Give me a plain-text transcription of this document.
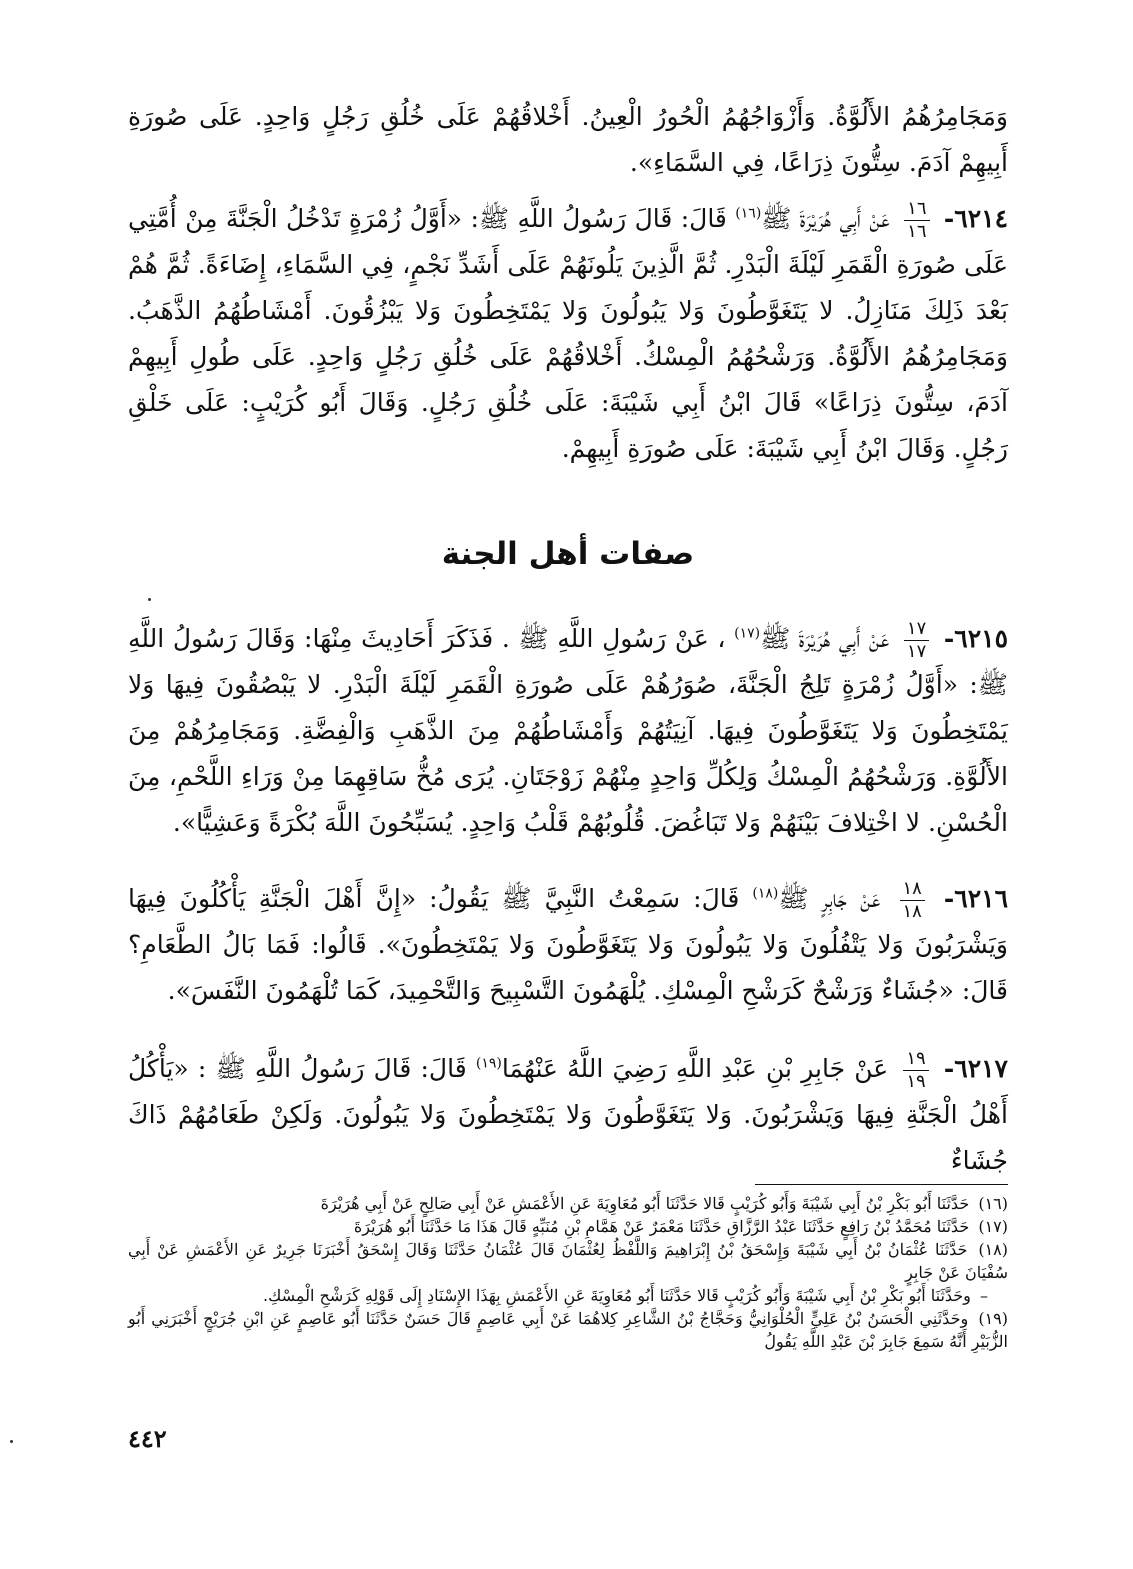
وَمَجَامِرُهُمُ الأَلُوَّةُ. وَأَزْوَاجُهُمُ الْحُورُ الْعِينُ. أَخْلاقُهُمْ عَلَى خُلُقِ رَجُلٍ وَاحِدٍ. عَلَى صُورَةِ أَبِيهِمْ آدَمَ. سِتُّونَ ذِرَاعًا، فِي السَّمَاءِ».

٦٢١٤-
$\frac{١٦}{١٦}$
عَنْ أَبِي هُرَيْرَةَ ﷺ$^{(١٦)}$ قَالَ: قَالَ رَسُولُ اللَّهِ ﷺ: «أَوَّلُ زُمْرَةٍ تَدْخُلُ الْجَنَّةَ مِنْ أُمَّتِي عَلَى صُورَةِ الْقَمَرِ لَيْلَةَ الْبَدْرِ. ثُمَّ الَّذِينَ يَلُونَهُمْ عَلَى أَشَدِّ نَجْمٍ، فِي السَّمَاءِ، إِضَاءَةً. ثُمَّ هُمْ بَعْدَ ذَلِكَ مَنَازِلُ. لا يَتَغَوَّطُونَ وَلا يَبُولُونَ وَلا يَمْتَخِطُونَ وَلا يَبْزُقُونَ. أَمْشَاطُهُمُ الذَّهَبُ. وَمَجَامِرُهُمُ الأَلُوَّةُ. وَرَشْحُهُمُ الْمِسْكُ. أَخْلاقُهُمْ عَلَى خُلُقِ رَجُلٍ وَاحِدٍ. عَلَى طُولِ أَبِيهِمْ آدَمَ، سِتُّونَ ذِرَاعًا» قَالَ ابْنُ أَبِي شَيْبَةَ: عَلَى خُلُقِ رَجُلٍ. وَقَالَ أَبُو كُرَيْبٍ: عَلَى خَلْقِ رَجُلٍ. وَقَالَ ابْنُ أَبِي شَيْبَةَ: عَلَى صُورَةِ أَبِيهِمْ.

صفات أهل الجنة

٦٢١٥-
$\frac{١٧}{١٧}$
عَنْ أَبِي هُرَيْرَةَ ﷺ$^{(١٧)}$ ، عَنْ رَسُولِ اللَّهِ ﷺ . فَذَكَرَ أَحَادِيثَ مِنْهَا: وَقَالَ رَسُولُ اللَّهِ ﷺ: «أَوَّلُ زُمْرَةٍ تَلِجُ الْجَنَّةَ، صُوَرُهُمْ عَلَى صُورَةِ الْقَمَرِ لَيْلَةَ الْبَدْرِ. لا يَبْصُقُونَ فِيهَا وَلا يَمْتَخِطُونَ وَلا يَتَغَوَّطُونَ فِيهَا. آنِيَتُهُمْ وَأَمْشَاطُهُمْ مِنَ الذَّهَبِ وَالْفِضَّةِ. وَمَجَامِرُهُمْ مِنَ الأَلُوَّةِ. وَرَشْحُهُمُ الْمِسْكُ وَلِكُلِّ وَاحِدٍ مِنْهُمْ زَوْجَتَانِ. يُرَى مُخُّ سَاقِهِمَا مِنْ وَرَاءِ اللَّحْمِ، مِنَ الْحُسْنِ. لا اخْتِلافَ بَيْنَهُمْ وَلا تَبَاغُضَ. قُلُوبُهُمْ قَلْبُ وَاحِدٍ. يُسَبِّحُونَ اللَّهَ بُكْرَةً وَعَشِيًّا».

٦٢١٦-
$\frac{١٨}{١٨}$
عَنْ جَابِرٍ ﷺ$^{(١٨)}$ قَالَ: سَمِعْتُ النَّبِيَّ ﷺ يَقُولُ: «إِنَّ أَهْلَ الْجَنَّةِ يَأْكُلُونَ فِيهَا وَيَشْرَبُونَ وَلا يَتْفُلُونَ وَلا يَبُولُونَ وَلا يَتَغَوَّطُونَ وَلا يَمْتَخِطُونَ». قَالُوا: فَمَا بَالُ الطَّعَامِ؟ قَالَ: «جُشَاءٌ وَرَشْحٌ كَرَشْحِ الْمِسْكِ. يُلْهَمُونَ التَّسْبِيحَ وَالتَّحْمِيدَ، كَمَا تُلْهَمُونَ النَّفَسَ».

٦٢١٧-
$\frac{١٩}{١٩}$
عَنْ جَابِرِ بْنِ عَبْدِ اللَّهِ رَضِيَ اللَّهُ عَنْهُمَا$^{(١٩)}$ قَالَ: قَالَ رَسُولُ اللَّهِ ﷺ : «يَأْكُلُ أَهْلُ الْجَنَّةِ فِيهَا وَيَشْرَبُونَ. وَلا يَتَغَوَّطُونَ وَلا يَمْتَخِطُونَ وَلا يَبُولُونَ. وَلَكِنْ طَعَامُهُمْ ذَاكَ جُشَاءٌ

(١٦) حَدَّثَنَا أَبُو بَكْرِ بْنُ أَبِي شَيْبَةَ وَأَبُو كُرَيْبٍ قَالا حَدَّثَنَا أَبُو مُعَاوِيَةَ عَنِ الأَعْمَشِ عَنْ أَبِي صَالِحٍ عَنْ أَبِي هُرَيْرَةَ

(١٧) حَدَّثَنَا مُحَمَّدُ بْنُ رَافِعٍ حَدَّثَنَا عَبْدُ الرَّزَّاقِ حَدَّثَنَا مَعْمَرٌ عَنْ هَمَّامِ بْنِ مُنَبِّهٍ قَالَ هَذَا مَا حَدَّثَنَا أَبُو هُرَيْرَةَ

(١٨) حَدَّثَنَا عُثْمَانُ بْنُ أَبِي شَيْبَةَ وَإِسْحَقُ بْنُ إِبْرَاهِيمَ وَاللَّفْظُ لِعُثْمَانَ قَالَ عُثْمَانُ حَدَّثَنَا وَقَالَ إِسْحَقُ أَخْبَرَنَا جَرِيرٌ عَنِ الأَعْمَشِ عَنْ أَبِي سُفْيَانَ عَنْ جَابِرٍ

– وحَدَّثَنَا أَبُو بَكْرِ بْنُ أَبِي شَيْبَةَ وَأَبُو كُرَيْبٍ قَالا حَدَّثَنَا أَبُو مُعَاوِيَةَ عَنِ الأَعْمَشِ بِهَذَا الإِسْنَادِ إِلَى قَوْلِهِ كَرَشْحِ الْمِسْكِ.

(١٩) وحَدَّثَنِي الْحَسَنُ بْنُ عَلِيٍّ الْحُلْوَانِيُّ وَحَجَّاجُ بْنُ الشَّاعِرِ كِلاهُمَا عَنْ أَبِي عَاصِمٍ قَالَ حَسَنٌ حَدَّثَنَا أَبُو عَاصِمٍ عَنِ ابْنِ جُرَيْجٍ أَخْبَرَنِي أَبُو الزُّبَيْرِ أَنَّهُ سَمِعَ جَابِرَ بْنَ عَبْدِ اللَّهِ يَقُولُ

٤٤٢
